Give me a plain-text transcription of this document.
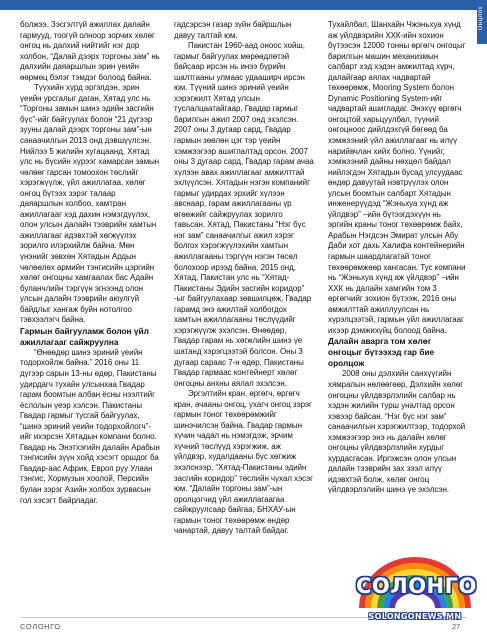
Онцлох

болжээ. Зэсгэлтүй ажиллах далайн гармууд, тоогүй олноор зорчих хөлөг онгоц нь далхий нийтийг нэг дор холбон, “Далай дээрх торгоны зам” нь далхийн даяаршлын эрин үеийн өөрмөц бэлэг тэмдэг болоод байна.

Түүхийн хүрд эргэлдэн, эрин үеийн урсгалыг даган, Хятад улс нь “Торгоны замын шинэ эдийн засгийн бүс”-ийг байгуулах болон “21 дүгээр зууны далай дээрх торгоны зам”-ын санаачилгын 2013 онд дэвшүүлсэн. Нийлээ 5 жилийн хугацаанд, Хятад улс нь бүсийн хүрээг хамарсан замын чөлөөг гарсан томоохон төслийг хэрэгжүүлж, үйл ажиллагаа, хөлөг онгоц бүтээх зэрэг талаар даяаршлын холбоо, хамтран ажиллагааг хэд дахин нэмэгдүүлэх, олон улсын далайн тээврийн хамтын ажиллагааг идэвхтэй хөгжүүлэх зорилго илэрхийлж байна. Мөн үнэнийг зөвхөн Хятадын Ардын чөлөөлөх армийн тэнгисийн цэргийн хөлөг онгоцны хамгаалах бас Aдайн буланчлийн тэргүүн эгнээнд олон улсын далайн тээврийн аюулгүй байдлыг хангаж буйн нотолгоо тэвхээлэгч байна.

Гармын байгууламж болон үйл ажиллагааг сайжруулна

“Өнөөдөр шинэ эриний үеийн тодорхойлж байна.” 2016 оны 11 дүгээр сарын 13-ны өдөр, Пакистаны удирдагч тухайн улсынхаа Гвадар гарам боомтын албан ёсны нээлтийг ёслолын үеэр хэлсэн. Пакистаны Гвадар гармыг тусгай байгуулах, “шинэ эриний үеийн тодорхойлогч”-ийг ихэрсэн Хятадын компани болно. Гвадар нь Энэтхэгийн далайн Арабын тэнгисийн зүүн хойд хэсэгт оршдог ба Гвадар-ааc Aфрик, Европ руу Улаан тэнгис, Хормузын хоолой, Персийн булан зэрэг Азийн холбох зурвасын гол хэсэгт байрладаг.

гадсэрсэн газар зүйн байршлын давуу талтай юм.

Пакистан 1960-аад оноос хойш, гармыг байгуулах мөрөөдлөтэй байсаар ирсэн нь инээ бүрийн шалтгааны улмаас удааширч ирсэн юм. Түүний шинэ эриний үеийн хэрэгжилт Хятад улсын туслалцаатайгаар, Гвадар гармыг барилгын ажил 2007 онд эхэлсэн. 2007 оны 3 дугаар сард, Гвадар гармын зөөлөн цэг тэр үеийн хэмжээгээр ашиглалтад орсон. 2007 оны 3 дугаар сард, Гвадар гарам ачаа хүлээн авах ажиллагааг амжилттай эхлүүлсэн. Хятадын нэгэн компанийг гармыг удирдах эрхийг хүлээн авснаар, гарам ажиллагааны үр өгөөжийг сайжруулах зорилго тавьсан. Хятад, Пакистаны “Нэг бүс нэг зам” санаачилгыг ажил хэрэг болгох хэрэгжүүлэхийн хамтын ажиллагааны тэргүүн нэгэн төсөл болохоор ирээд байна. 2015 онд, Хятад, Пакистан улс нь “Хятад-Пакистаны Эдийн засгийн коридор” -ыг байгуулахаар зөвшилцөж, Гвадар гарамд энэ ажилтай холбогдох хамтын ажиллагааны төслүүдийг хэрэгжүүлж эхэлсэн. Өнөөдөр, Гвадар гарам нь хөгжлийн шинэ үе шатанд хэрэгцээтэй болсон. Оны 3 дугаар сараас 7-н өдөр, Пакистаны Гвадар гармаас контейнерт хөлөг онгоцны анхны аялал эхэлсэн.

Эргэлтийн кран, өргөгч, өргөгч кран, ачааны онгоц, ухагч онгоц зэрэг гармын тоног төхөөрөмжийг шинэчилсэн байна. Гвадар гармын хүчин чадал нь нэмэгдэж, эрчим хүчний төслүүд хэрэгжиж, аж үйлдвэр, худалдааны бүс хөгжиж эхэлснээр, “Хятад-Пакистаны эдийн засгийн коридор” төслийн чухал хэсэг юм. “Далайн торгоны зам”-ын оролцогчид үйл ажиллагаагаа сайжруулсаар байгаа, БНХАУ-ын гармын тоног төхөөрөмж өндөр чанартай, давуу талтай байдаг.

Тухайлбал, Шанхайн Чжэньхуа хүнд аж үйлдвэрийн ХХК-ийн хохион бүтээсэн 12000 тонны өргөгч онгоцыг барилгын машин механизмын салбарт хэд хэдэн амжилтад хүрч, далайгаар аялах чадвартай төхөөрөмж, Mooring System болон Dynamic Positioning System-ийг чадвартай ашигладаг. Энэхүү өргөгч онгоцтой харьцуулбал, түүний онгоцноос дийлдэхгүй бөгөөд ба хэмжээний үйл ажиллагааг нь илүү нарийвчлан хийх болно. Үүнийг, хэмжээний дайны нөхцөл байдал нийлэгдэн Хятадын бусад улсуудаас өндөр давуутай нэвтрүүлэх олон улсын боомтын салбарт Хятадын инженерүүдэд “Жэньхуа хүнд аж үйлдвэр” –ийн бүтээгдэхүүн нь эргийн краны тоног төхөөрөмж байх, Арабын Нэгдсэн Эмират улсын Абу Даби хот дахь Халифа контейнерийн гармын шаардлагатай тоног төхөөрөмжөөр хангасан. Тус компани нь “Жэньхуа хүнд аж үйлдвэр” –ийн ХХК нь далайн хамгийн том 3 өргөгчийг зохион бүтээж, 2016 оны амжилттай ажиллуулсан нь хүрэлцээтэй, гармын үйл ажиллагааг ихээр дэмжихүйц болоод байна.

Далайн аварга том хөлөг онгоцыг бүтээхэд гар бие оролцож

2008 оны дэлхийн санхүүгийн хямралын нөлөөгөөр, Дэлхийн хөлөг онгоцны үйлдвэрлэлийн салбар нь хэдэн жилийн турш уналтад орсон хэвээр байсан. “Нэг бүс нэг зам” санаачилгын хэрэгжилтээр, тодорхой хэмжээгээр энэ нь далайн хөлөг онгоцны үйлдвэрлэлийн хурдыг хурдасгасан. Иргэжсэн олон улсын далайн тээврийн зах зээл илүү идэвхтэй болж, хөлөг онгоц үйлдвэрлэлийн шинэ үе эхэлсэн.

СОЛОНГО	27
СОЛОНГО
SOLONGONEWS.MN
